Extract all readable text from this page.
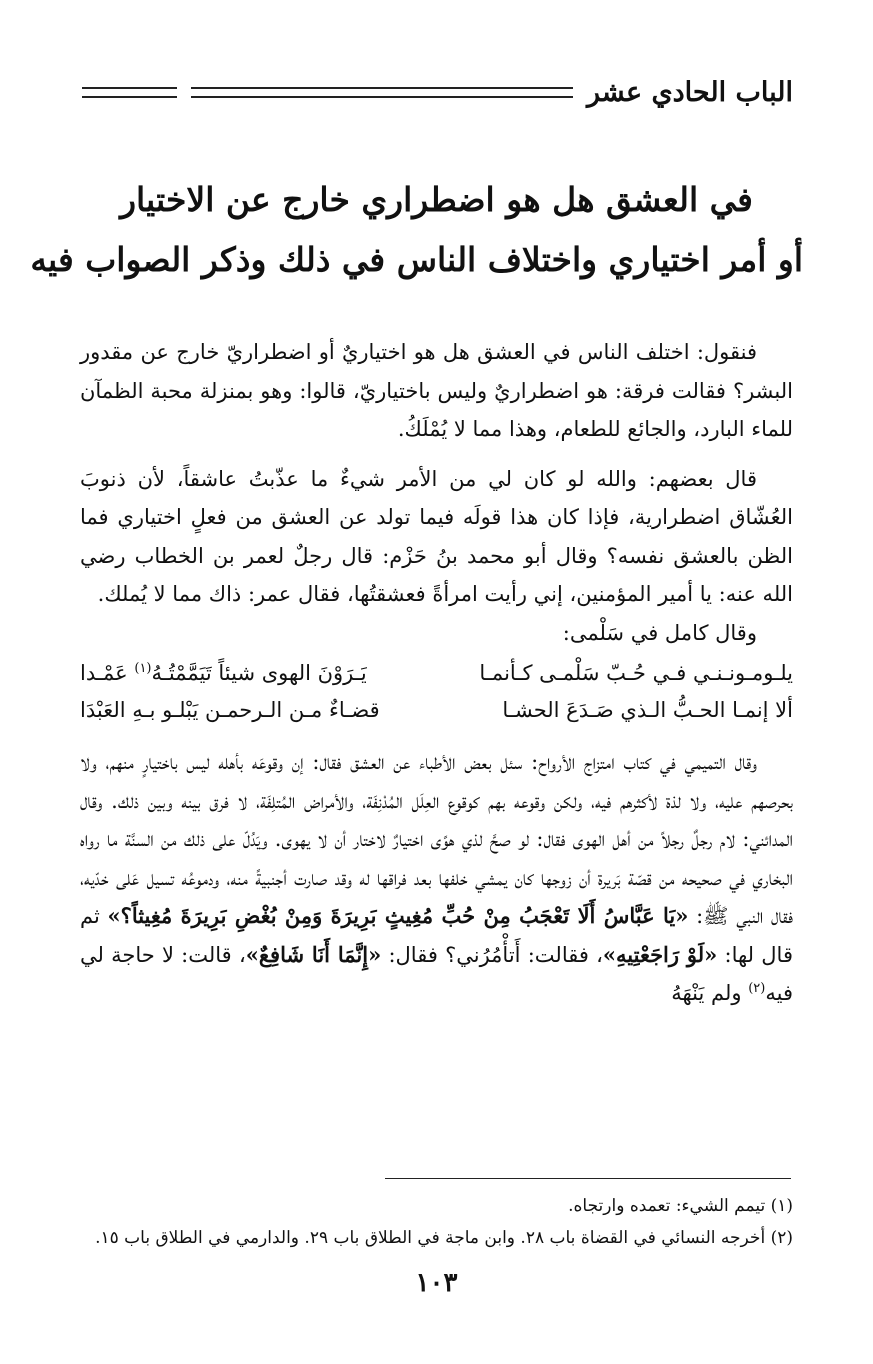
الباب الحادي عشر
في العشق هل هو اضطراري خارج عن الاختيار
أو أمر اختياري واختلاف الناس في ذلك وذكر الصواب فيه

فنقول: اختلف الناس في العشق هل هو اختياريٌ أو اضطراريّ خارج عن مقدور البشر؟ فقالت فرقة: هو اضطراريٌ وليس باختياريّ، قالوا: وهو بمنزلة محبة الظمآن للماء البارد، والجائع للطعام، وهذا مما لا يُمْلَكُ.

قال بعضهم: والله لو كان لي من الأمر شيءٌ ما عذّبتُ عاشقاً، لأن ذنوبَ العُشّاق اضطرارية، فإذا كان هذا قولَه فيما تولد عن العشق من فعلٍ اختياري فما الظن بالعشق نفسه؟ وقال أبو محمد بنُ حَزْم: قال رجلٌ لعمر بن الخطاب رضي الله عنه: يا أمير المؤمنين، إني رأيت امرأةً فعشقتُها، فقال عمر: ذاك مما لا يُملك.

وقال كامل في سَلْمى:

يلـومـونـنـي فـي حُـبّ سَلْمـى كـأنمـا
يَـرَوْنَ الهوى شيئاً تَيَمَّمْتُـهُ$^{(١)}$ عَمْـدا
ألا إنمـا الحـبُّ الـذي صَـدَعَ الحشـا
قضـاءٌ مـن الـرحمـن يَبْلـو بـهِ العَبْدَا

وقال التميمي في كتاب امتزاج الأرواح: سئل بعض الأطباء عن العشق فقال: إن وقوعَه بأهله ليس باختيارٍ منهم، ولا بحرصهم عليه، ولا لذة لأكثرهم فيه، ولكن وقوعه بهم كوقوع العِلَل المُدْنِفَة، والأمراض المُتلِفَة، لا فرق بينه وبين ذلك. وقال المدائني: لام رجلٌ رجلاً من أهل الهوى فقال: لو صحَّ لذي هوًى اختيارٌ لاختار أن لا يهوى. ويَدُلّ على ذلك من السنَّة ما رواه البخاري في صحيحه من قصّة بَريرة أن زوجها كان يمشي خلفها بعد فراقها له وقد صارت أجنبيةً منه، ودموعُه تسيل عَلى خدّيه، فقال النبي ﷺ: «يَا عَبَّاسُ أَلَا تَعْجَبُ مِنْ حُبِّ مُغِيثٍ بَرِيرَةَ وَمِنْ بُغْضِ بَرِيرَةَ مُغِيثاً؟» ثم قال لها: «لَوْ رَاجَعْتِيهِ»، فقالت: أَتأْمُرُني؟ فقال: «إِنَّمَا أَنَا شَافِعٌ»، قالت: لا حاجة لي فيه$^{(٢)}$ ولم يَنْهَهُ

(١) تيمم الشيء: تعمده وارتجاه.
(٢) أخرجه النسائي في القضاة باب ٢٨. وابن ماجة في الطلاق باب ٢٩. والدارمي في الطلاق باب ١٥.
١٠٣
